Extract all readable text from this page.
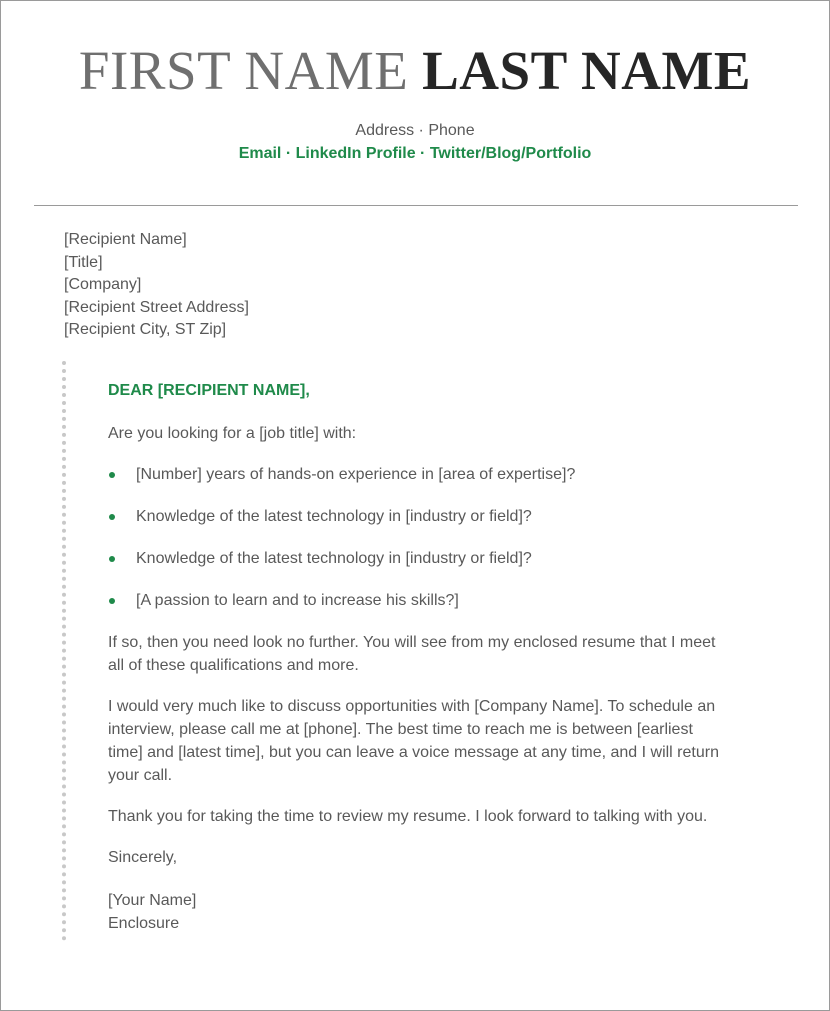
FIRST NAME LAST NAME
Address · Phone
Email · LinkedIn Profile · Twitter/Blog/Portfolio
[Recipient Name]
[Title]
[Company]
[Recipient Street Address]
[Recipient City, ST Zip]
DEAR [RECIPIENT NAME],
Are you looking for a [job title] with:
[Number] years of hands-on experience in [area of expertise]?
Knowledge of the latest technology in [industry or field]?
Knowledge of the latest technology in [industry or field]?
[A passion to learn and to increase his skills?]
If so, then you need look no further. You will see from my enclosed resume that I meet
all of these qualifications and more.
I would very much like to discuss opportunities with [Company Name]. To schedule an
interview, please call me at [phone]. The best time to reach me is between [earliest
time] and [latest time], but you can leave a voice message at any time, and I will return
your call.
Thank you for taking the time to review my resume. I look forward to talking with you.
Sincerely,
[Your Name]
Enclosure
